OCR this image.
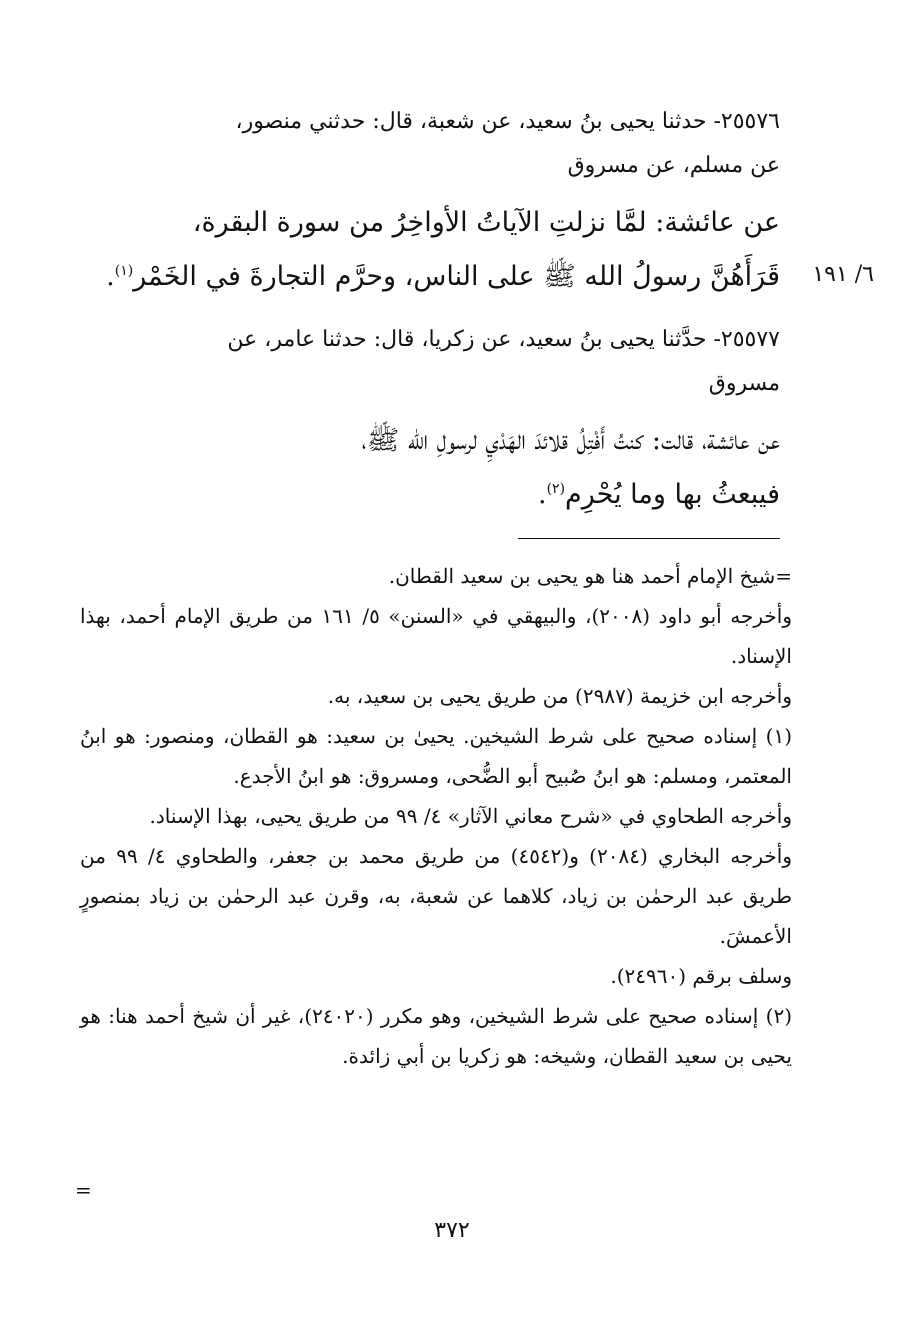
٢٥٥٧٦- حدثنا يحيى بنُ سعيد، عن شعبة، قال: حدثني منصور،
عن مسلم، عن مسروق
عن عائشة: لمَّا نزلتِ الآياتُ الأواخِرُ من سورة البقرة،
قَرَأَهُنَّ رسولُ الله ﷺ على الناس، وحرَّم التجارةَ في الخَمْر$^{(١)}$.	٦/ ١٩١
٢٥٥٧٧- حدَّثنا يحيى بنُ سعيد، عن زكريا، قال: حدثنا عامر، عن
مسروق
عن عائشة، قالت: كنتُ أَفْتِلُ قلائدَ الهَدْيِ لرسولِ الله ﷺ،
فيبعثُ بها وما يُحْرِم$^{(٢)}$.

=شيخ الإمام أحمد هنا هو يحيى بن سعيد القطان.

وأخرجه أبو داود (٢٠٠٨)، والبيهقي في «السنن» ٥/ ١٦١ من طريق الإمام أحمد، بهذا الإسناد.

وأخرجه ابن خزيمة (٢٩٨٧) من طريق يحيى بن سعيد، به.

(١) إسناده صحيح على شرط الشيخين. يحيىٰ بن سعيد: هو القطان، ومنصور: هو ابنُ المعتمر، ومسلم: هو ابنُ صُبيح أبو الضُّحى، ومسروق: هو ابنُ الأجدع.

وأخرجه الطحاوي في «شرح معاني الآثار» ٤/ ٩٩ من طريق يحيى، بهذا الإسناد.

وأخرجه البخاري (٢٠٨٤) و(٤٥٤٢) من طريق محمد بن جعفر، والطحاوي ٤/ ٩٩ من طريق عبد الرحمٰن بن زياد، كلاهما عن شعبة، به، وقرن عبد الرحمٰن بن زياد بمنصورٍ الأعمشَ.

وسلف برقم (٢٤٩٦٠).

(٢) إسناده صحيح على شرط الشيخين، وهو مكرر (٢٤٠٢٠)، غير أن شيخ أحمد هنا: هو يحيى بن سعيد القطان، وشيخه: هو زكريا بن أبي زائدة.

=
٣٧٢
